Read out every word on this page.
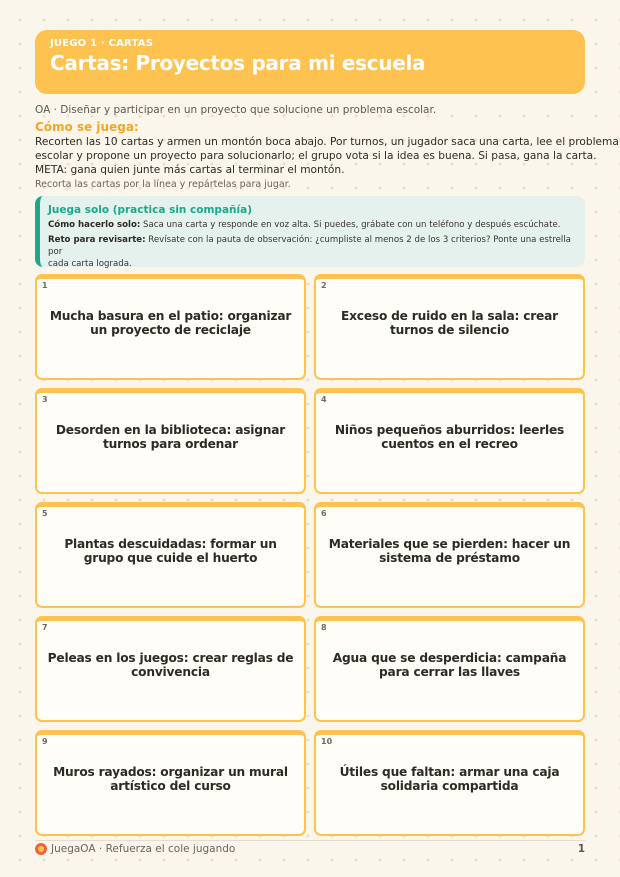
JUEGO 1 · CARTAS
Cartas: Proyectos para mi escuela
OA · Diseñar y participar en un proyecto que solucione un problema escolar.
Cómo se juega:

Recorten las 10 cartas y armen un montón boca abajo. Por turnos, un jugador saca una carta, lee el problema

escolar y propone un proyecto para solucionarlo; el grupo vota si la idea es buena. Si pasa, gana la carta.

META: gana quien junte más cartas al terminar el montón.

Recorta las cartas por la línea y repártelas para jugar.
Juega solo (practica sin compañía)
Cómo hacerlo solo: Saca una carta y responde en voz alta. Si puedes, grábate con un teléfono y después escúchate.
Reto para revisarte: Revísate con la pauta de observación: ¿cumpliste al menos 2 de los 3 criterios? Ponte una estrella por
cada carta lograda.
1
Mucha basura en el patio: organizar un proyecto de reciclaje
2
Exceso de ruido en la sala: crear turnos de silencio
3
Desorden en la biblioteca: asignar turnos para ordenar
4
Niños pequeños aburridos: leerles cuentos en el recreo
5
Plantas descuidadas: formar un grupo que cuide el huerto
6
Materiales que se pierden: hacer un sistema de préstamo
7
Peleas en los juegos: crear reglas de convivencia
8
Agua que se desperdicia: campaña para cerrar las llaves
9
Muros rayados: organizar un mural artístico del curso
10
Útiles que faltan: armar una caja solidaria compartida
JuegaOA · Refuerza el cole jugando	1
